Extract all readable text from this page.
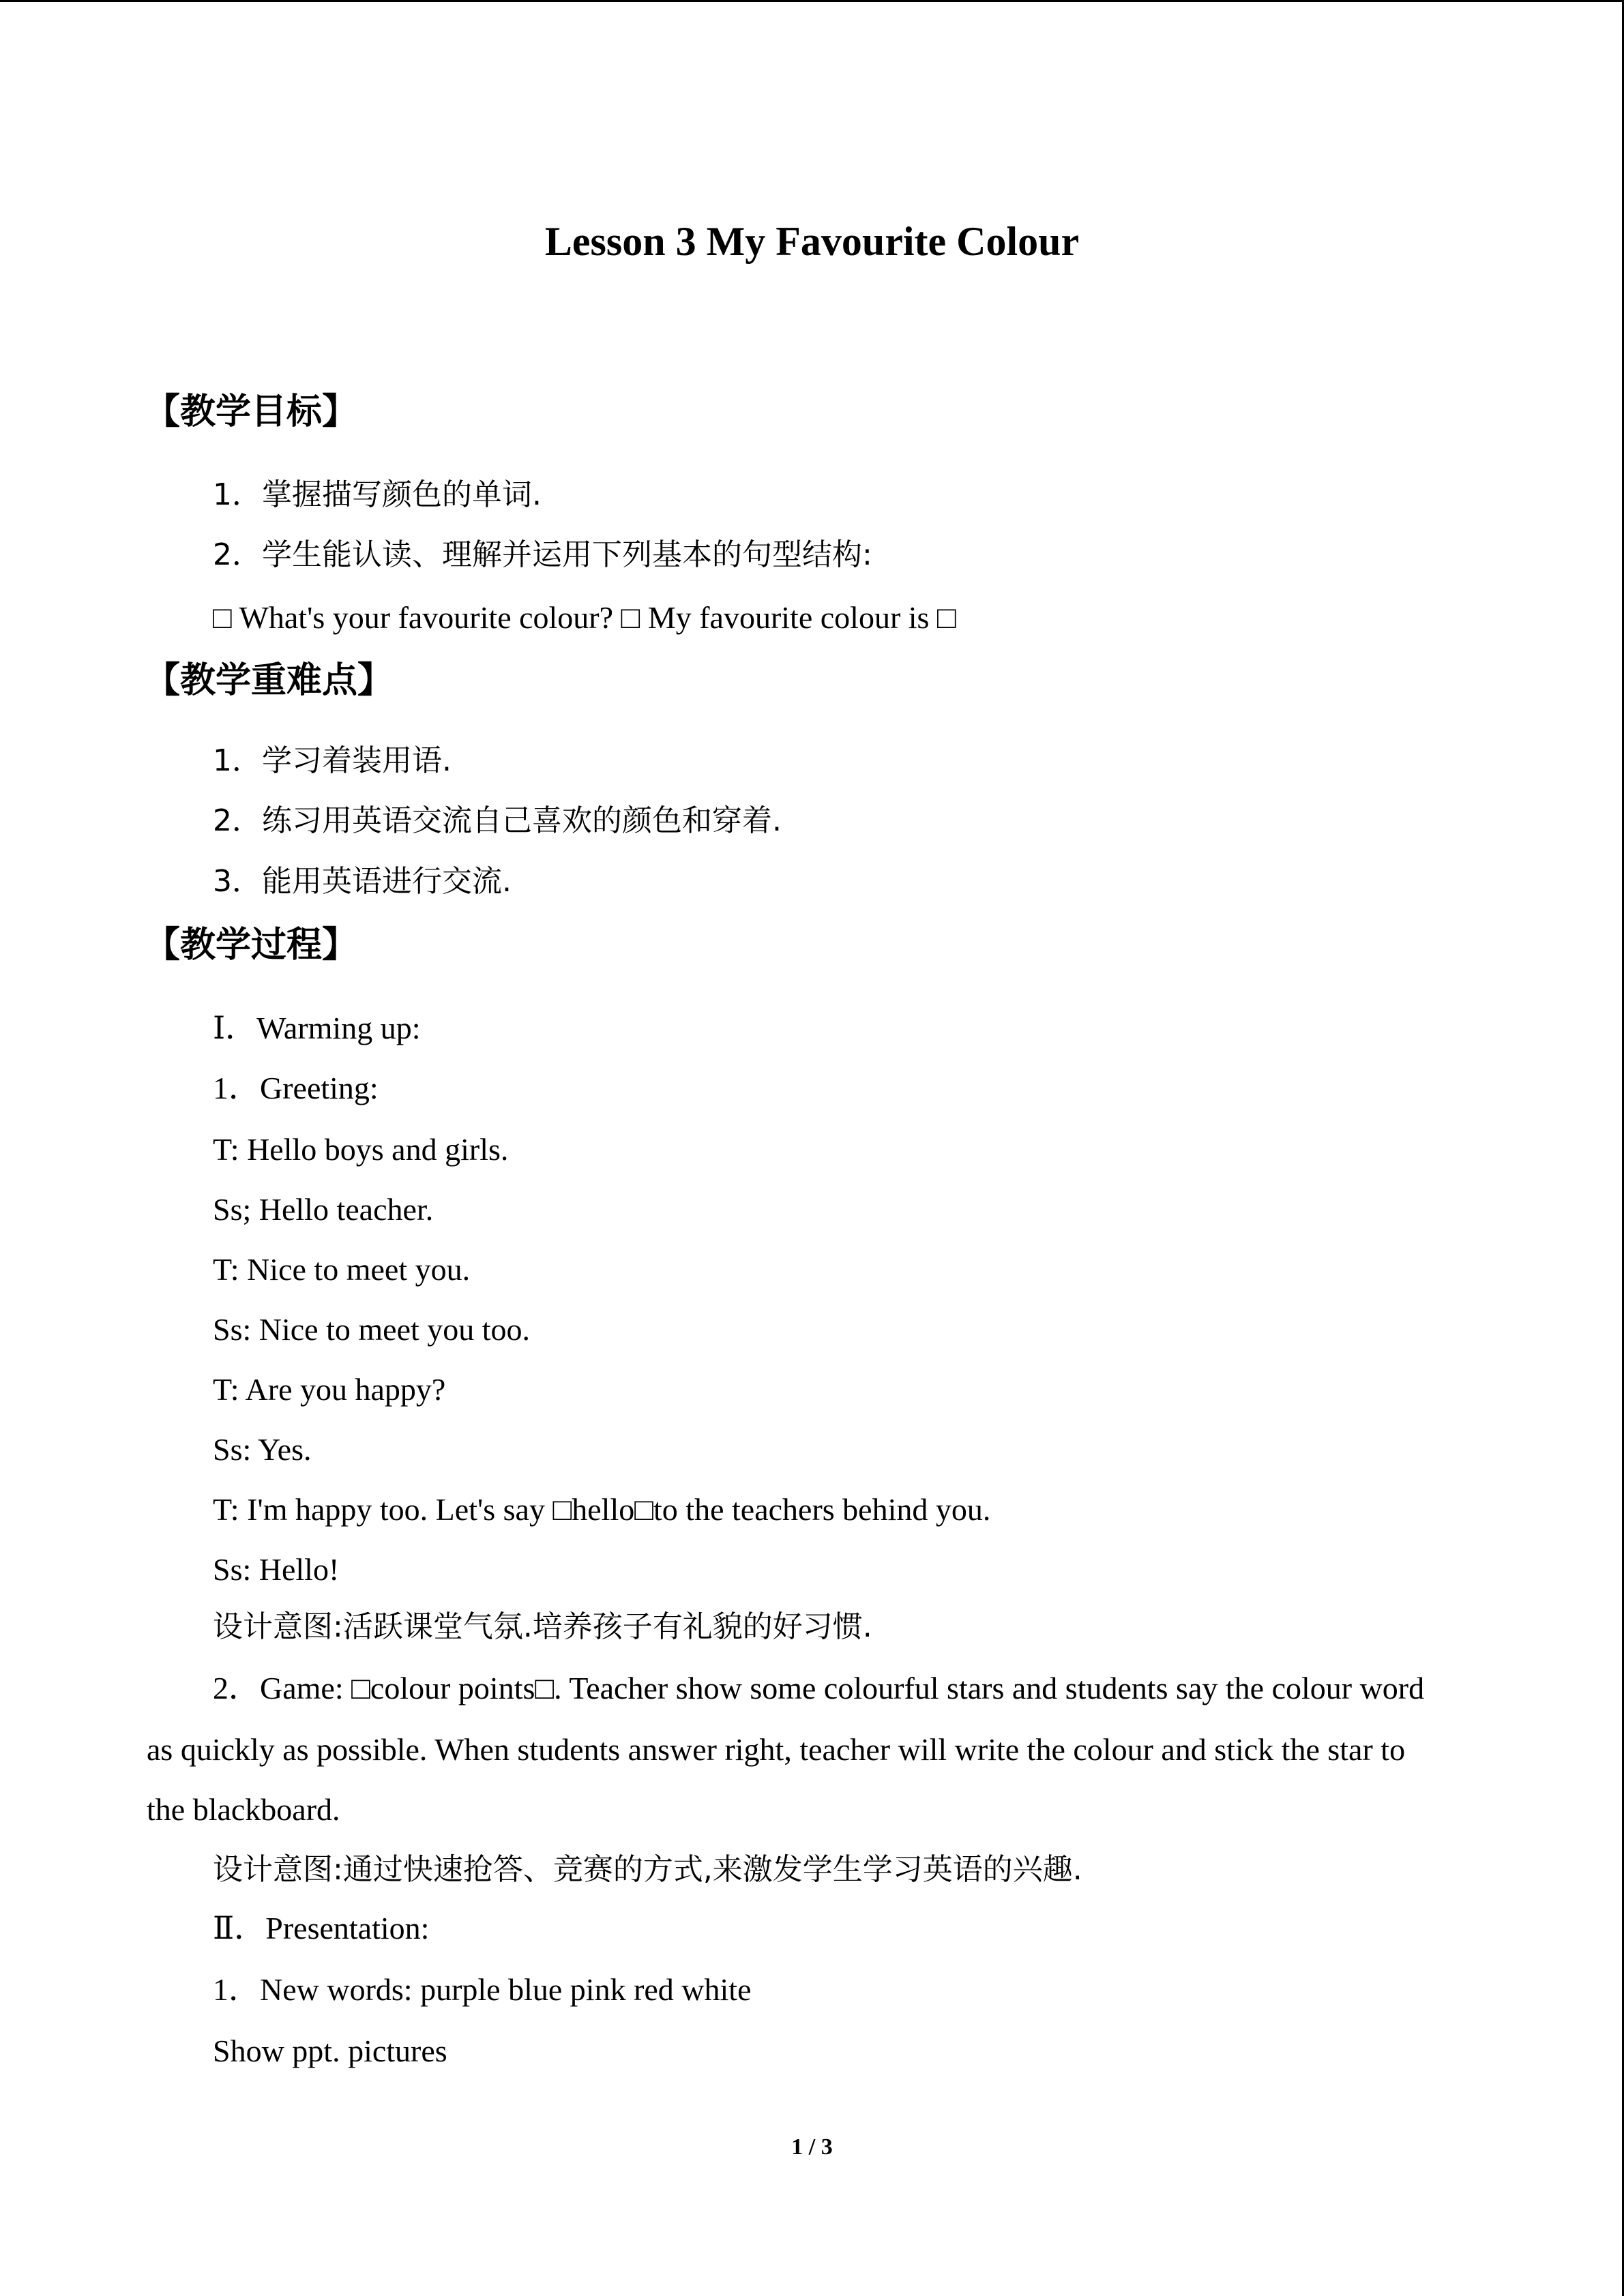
Lesson 3 My Favourite Colour
【教学目标】
1．掌握描写颜色的单词.
2．学生能认读、理解并运用下列基本的句型结构:
□ What's your favourite colour? □ My favourite colour is □
【教学重难点】
1．学习着装用语.
2．练习用英语交流自己喜欢的颜色和穿着.
3．能用英语进行交流.
【教学过程】
Ⅰ．Warming up:
1．Greeting:
T: Hello boys and girls.
Ss; Hello teacher.
T: Nice to meet you.
Ss: Nice to meet you too.
T: Are you happy?
Ss: Yes.
T: I'm happy too. Let's say □hello□to the teachers behind you.
Ss: Hello!
设计意图:活跃课堂气氛.培养孩子有礼貌的好习惯.
2．Game: □colour points□. Teacher show some colourful stars and students say the colour word
as quickly as possible. When students answer right, teacher will write the colour and stick the star to
the blackboard.
设计意图:通过快速抢答、竞赛的方式,来激发学生学习英语的兴趣.
Ⅱ．Presentation:
1．New words: purple blue pink red white
Show ppt. pictures
1 / 3
